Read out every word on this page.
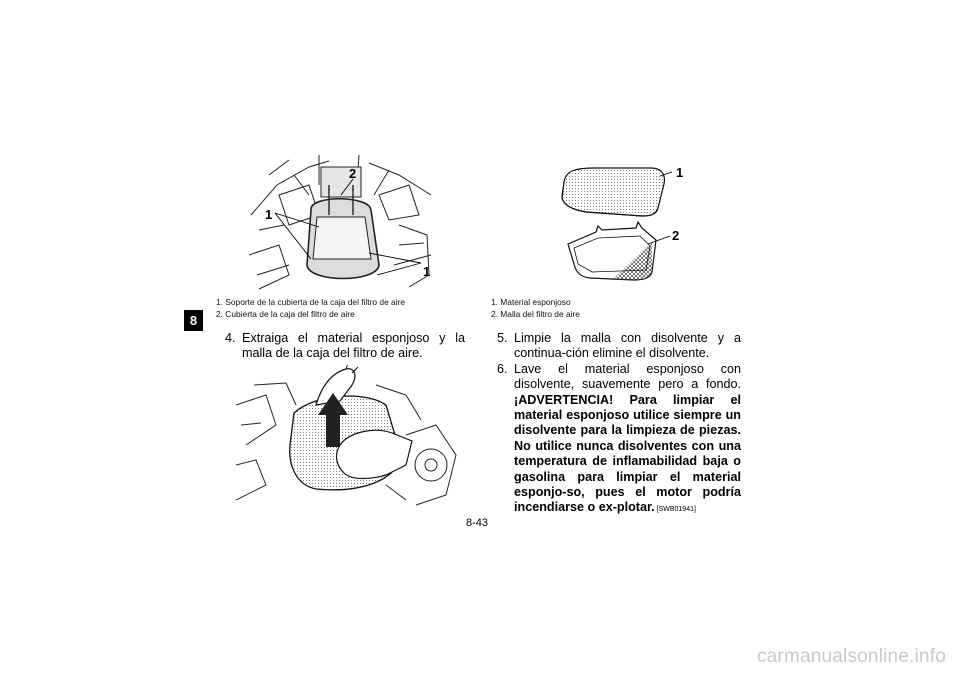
8
2
1
1
1. Soporte de la cubierta de la caja del filtro de aire
2. Cubierta de la caja del filtro de aire
1
2
1. Material esponjoso
2. Malla del filtro de aire
4. Extraiga el material esponjoso y la malla de la caja del filtro de aire.
5. Limpie la malla con disolvente y a continua-ción elimine el disolvente.
6. Lave el material esponjoso con disolvente, suavemente pero a fondo. ¡ADVERTENCIA! Para limpiar el material esponjoso utilice siempre un disolvente para la limpieza de piezas. No utilice nunca disolventes con una temperatura de inflamabilidad baja o gasolina para limpiar el material esponjo-so, pues el motor podría incendiarse o ex-plotar. [SWB01941]
8-43
carmanualsonline.info
